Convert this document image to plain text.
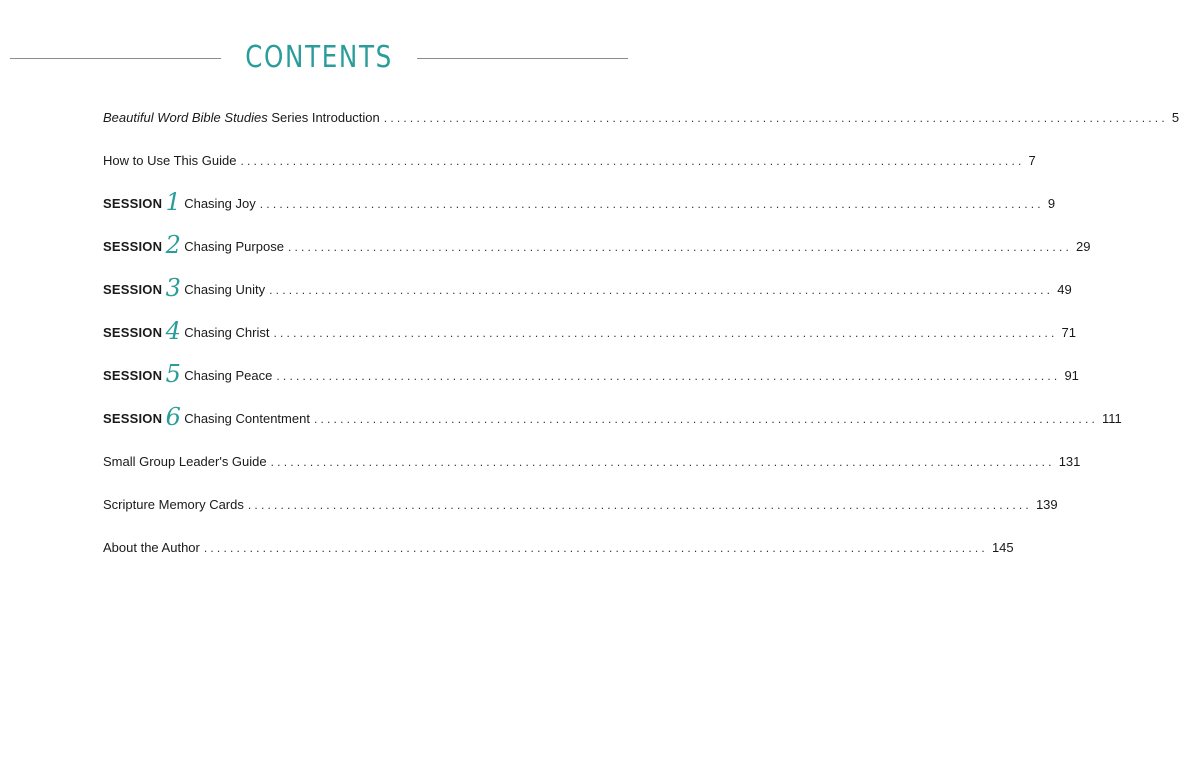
CONTENTS
Beautiful Word Bible Studies Series Introduction ........................................................................................................................ 5
How to Use This Guide ........................................................................................................................ 7
SESSION 1 Chasing Joy ........................................................................................................................ 9
SESSION 2 Chasing Purpose ........................................................................................................................ 29
SESSION 3 Chasing Unity ........................................................................................................................ 49
SESSION 4 Chasing Christ ........................................................................................................................ 71
SESSION 5 Chasing Peace ........................................................................................................................ 91
SESSION 6 Chasing Contentment ........................................................................................................................ 111
Small Group Leader's Guide ........................................................................................................................ 131
Scripture Memory Cards ........................................................................................................................ 139
About the Author ........................................................................................................................ 145
